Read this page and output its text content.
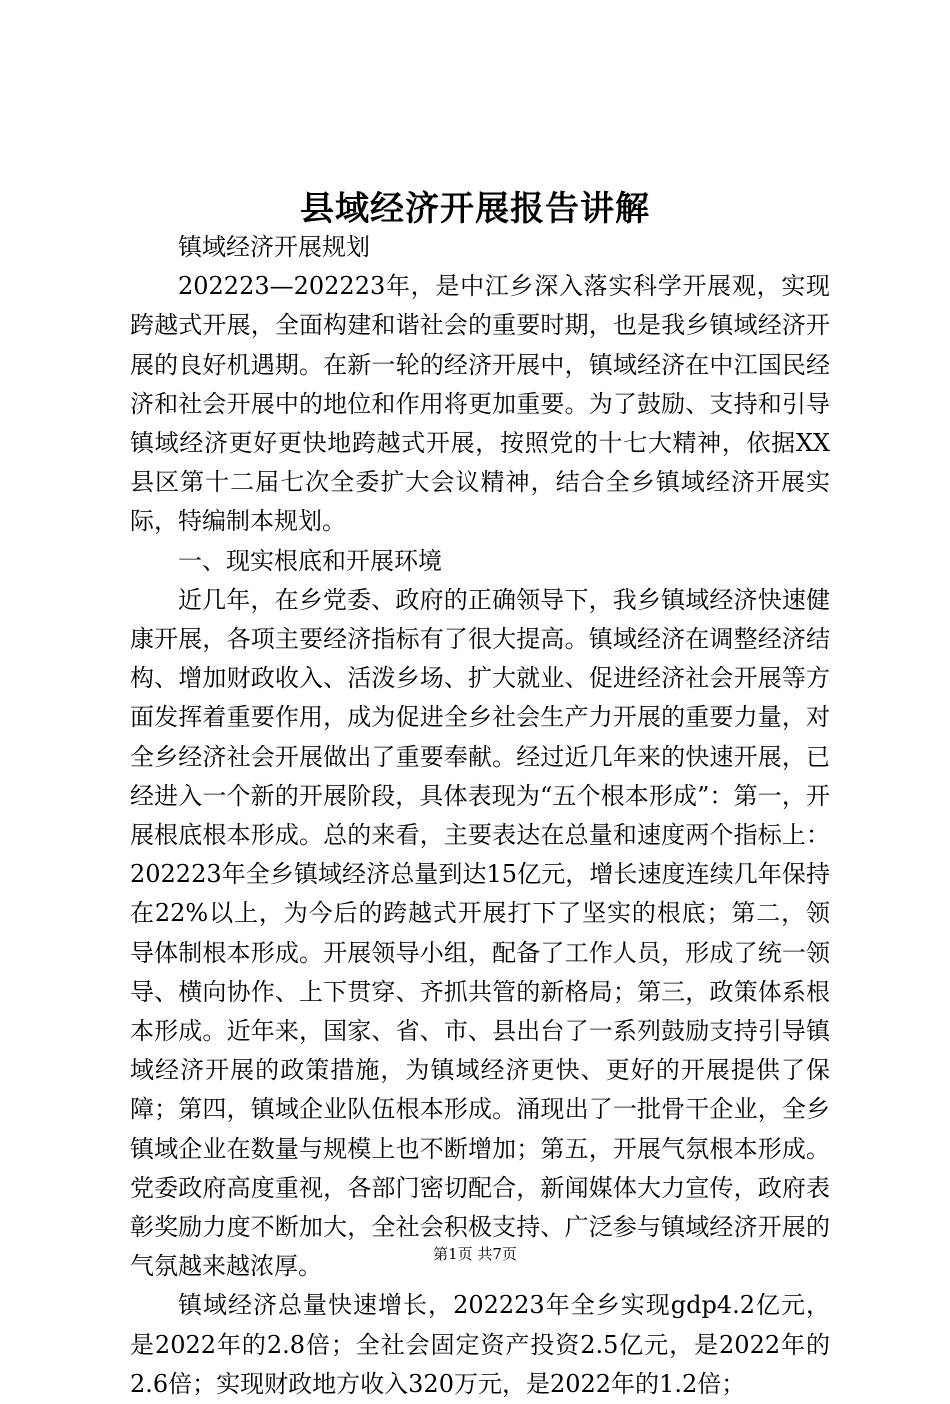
县域经济开展报告讲解

镇域经济开展规划

202223—202223年，是中江乡深入落实科学开展观，实现跨越式开展，全面构建和谐社会的重要时期，也是我乡镇域经济开展的良好机遇期。在新一轮的经济开展中，镇域经济在中江国民经济和社会开展中的地位和作用将更加重要。为了鼓励、支持和引导镇域经济更好更快地跨越式开展，按照党的十七大精神，依据XX县区第十二届七次全委扩大会议精神，结合全乡镇域经济开展实际，特编制本规划。

一、现实根底和开展环境

近几年，在乡党委、政府的正确领导下，我乡镇域经济快速健康开展，各项主要经济指标有了很大提高。镇域经济在调整经济结构、增加财政收入、活泼乡场、扩大就业、促进经济社会开展等方面发挥着重要作用，成为促进全乡社会生产力开展的重要力量，对全乡经济社会开展做出了重要奉献。经过近几年来的快速开展，已经进入一个新的开展阶段，具体表现为“五个根本形成”：第一，开展根底根本形成。总的来看，主要表达在总量和速度两个指标上：202223年全乡镇域经济总量到达15亿元，增长速度连续几年保持在22%以上，为今后的跨越式开展打下了坚实的根底；第二，领导体制根本形成。开展领导小组，配备了工作人员，形成了统一领导、横向协作、上下贯穿、齐抓共管的新格局；第三，政策体系根本形成。近年来，国家、省、市、县出台了一系列鼓励支持引导镇域经济开展的政策措施，为镇域经济更快、更好的开展提供了保障；第四，镇域企业队伍根本形成。涌现出了一批骨干企业，全乡镇域企业在数量与规模上也不断增加；第五，开展气氛根本形成。党委政府高度重视，各部门密切配合，新闻媒体大力宣传，政府表彰奖励力度不断加大，全社会积极支持、广泛参与镇域经济开展的气氛越来越浓厚。

镇域经济总量快速增长，202223年全乡实现gdp4.2亿元，是2022年的2.8倍；全社会固定资产投资2.5亿元，是2022年的2.6倍；实现财政地方收入320万元，是2022年的1.2倍；

第1页 共7页
